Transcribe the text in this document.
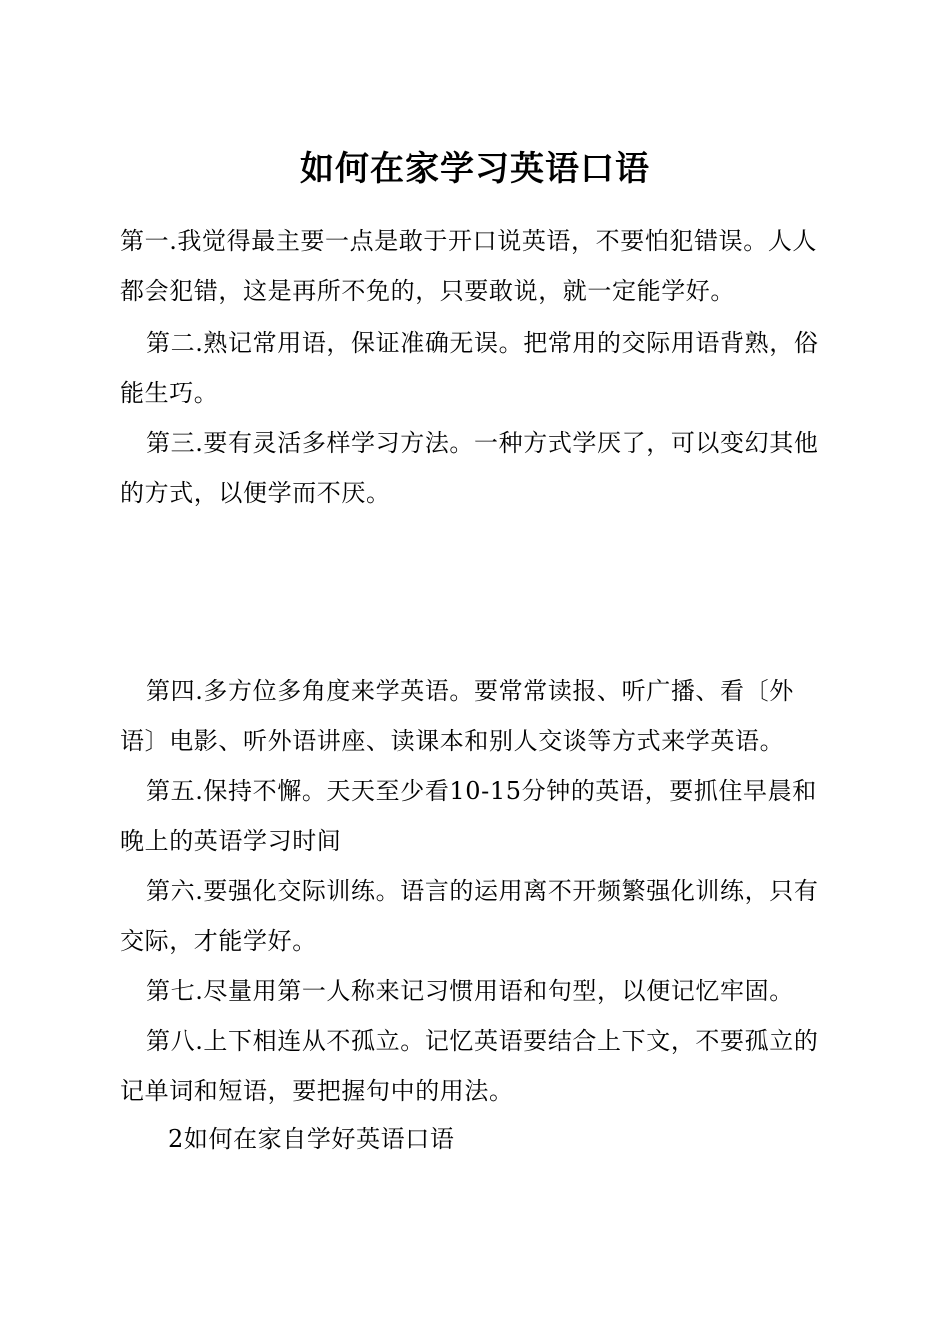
如何在家学习英语口语

第一.我觉得最主要一点是敢于开口说英语，不要怕犯错误。人人都会犯错，这是再所不免的，只要敢说，就一定能学好。

第二.熟记常用语，保证准确无误。把常用的交际用语背熟，俗能生巧。

第三.要有灵活多样学习方法。一种方式学厌了，可以变幻其他的方式，以便学而不厌。

第四.多方位多角度来学英语。要常常读报、听广播、看〔外语〕电影、听外语讲座、读课本和别人交谈等方式来学英语。

第五.保持不懈。天天至少看10-15分钟的英语，要抓住早晨和晚上的英语学习时间

第六.要强化交际训练。语言的运用离不开频繁强化训练，只有交际，才能学好。

第七.尽量用第一人称来记习惯用语和句型，以便记忆牢固。

第八.上下相连从不孤立。记忆英语要结合上下文，不要孤立的记单词和短语，要把握句中的用法。

2如何在家自学好英语口语
